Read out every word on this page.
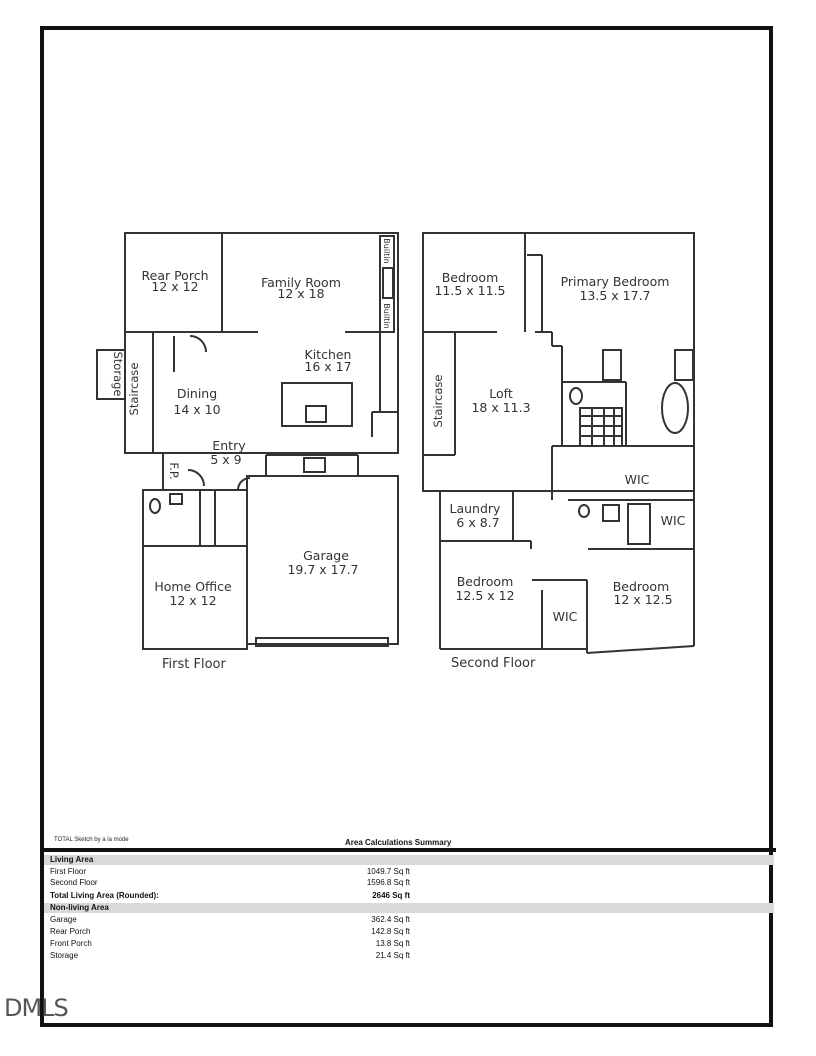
Rear Porch
12 x 12	Family Room
12 x 18
Kitchen
16 x 17
Dining
14 x 10
Entry
5 x 9
Garage
19.7 x 17.7
Home Office
12 x 12
Storage Staircase
F.P.
Builtin
Builtin
Bedroom
11.5 x 11.5
Primary Bedroom
13.5 x 17.7
Loft
18 x 11.3
Staircase
WIC
WIC
WIC
Laundry
6 x 8.7
Bedroom
12.5 x 12
Bedroom
12 x 12.5
First Floor	Second Floor
TOTAL Sketch by a la mode	Area Calculations Summary
Living Area
First Floor	1049.7 Sq ft
Second Floor	1596.8 Sq ft
Total Living Area (Rounded):	2646 Sq ft
Non-living Area
Garage	362.4 Sq ft
Rear Porch	142.8 Sq ft
Front Porch	13.8 Sq ft
Storage	21.4 Sq ft
DMLS
